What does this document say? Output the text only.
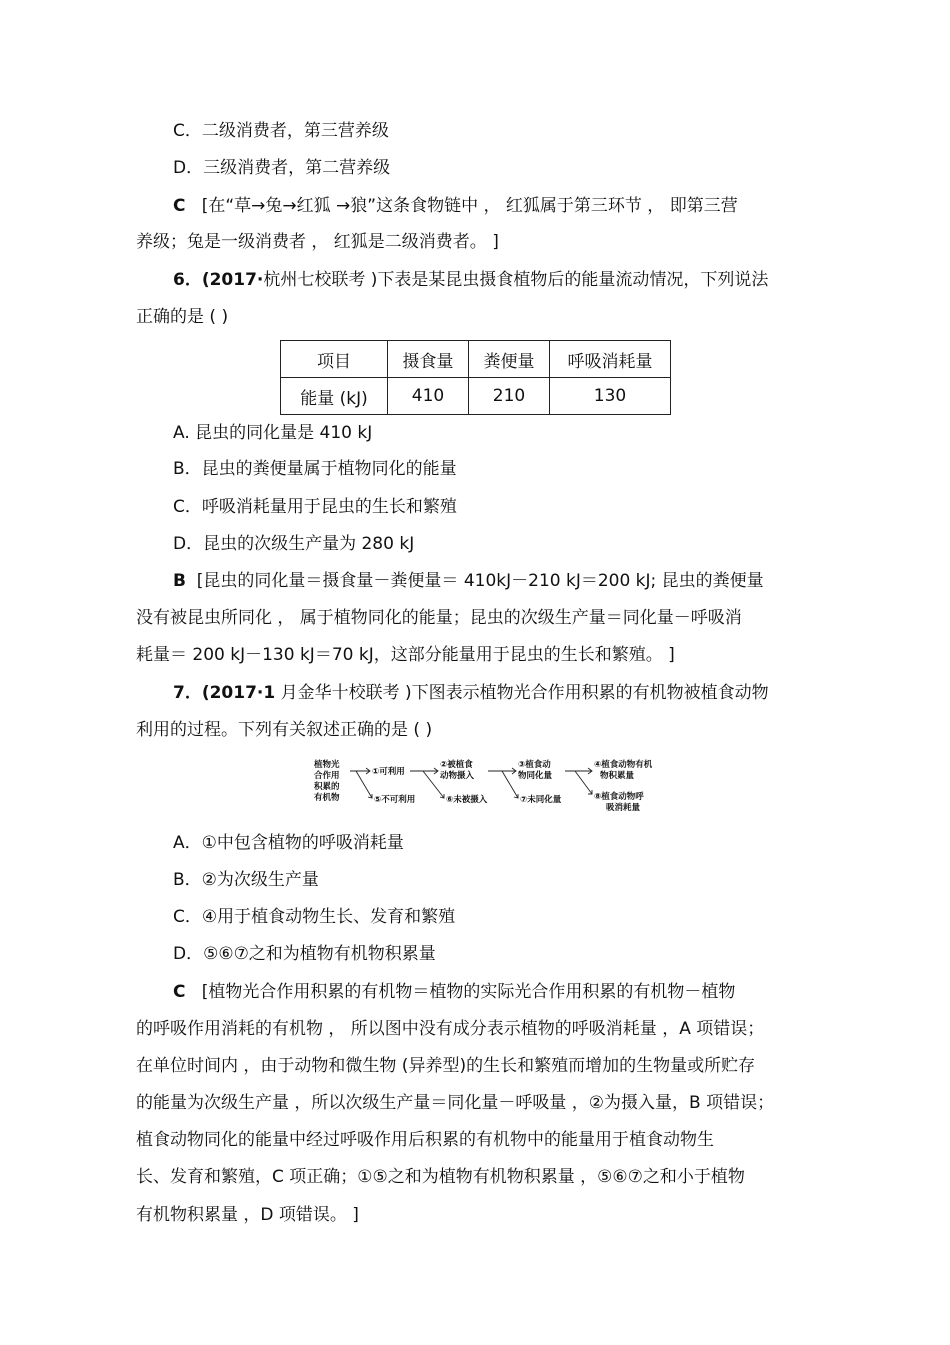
C．二级消费者，第三营养级
D．三级消费者，第二营养级
C [在“草→兔→红狐 →狼”这条食物链中 ， 红狐属于第三环节 ， 即第三营
养级；兔是一级消费者 ， 红狐是二级消费者。 ]
6．(2017·杭州七校联考 )下表是某昆虫摄食植物后的能量流动情况，下列说法
正确的是 ( )
项目	摄食量	粪便量	呼吸消耗量
能量 (kJ)	410	210	130
A. 昆虫的同化量是 410 kJ
B．昆虫的粪便量属于植物同化的能量
C．呼吸消耗量用于昆虫的生长和繁殖
D．昆虫的次级生产量为 280 kJ
B [昆虫的同化量＝摄食量－粪便量＝ 410kJ－210 kJ＝200 kJ; 昆虫的粪便量
没有被昆虫所同化 ， 属于植物同化的能量；昆虫的次级生产量＝同化量－呼吸消
耗量＝ 200 kJ－130 kJ＝70 kJ，这部分能量用于昆虫的生长和繁殖。 ]
7．(2017·1 月金华十校联考 )下图表示植物光合作用积累的有机物被植食动物
利用的过程。下列有关叙述正确的是 ( )
植物光
合作用
积累的
有机物
①可利用
②被植食
动物摄入
③植食动
物同化量
④植食动物有机
物积累量
⑤不可利用	⑥未被摄入	⑦未同化量	⑧植食动物呼
吸消耗量
A．①中包含植物的呼吸消耗量
B．②为次级生产量
C．④用于植食动物生长、发育和繁殖
D．⑤⑥⑦之和为植物有机物积累量
C [植物光合作用积累的有机物＝植物的实际光合作用积累的有机物－植物
的呼吸作用消耗的有机物 ， 所以图中没有成分表示植物的呼吸消耗量 ，A 项错误；
在单位时间内 ，由于动物和微生物 (异养型)的生长和繁殖而增加的生物量或所贮存
的能量为次级生产量 ，所以次级生产量＝同化量－呼吸量 ，②为摄入量，B 项错误；
植食动物同化的能量中经过呼吸作用后积累的有机物中的能量用于植食动物生
长、发育和繁殖，C 项正确；①⑤之和为植物有机物积累量 ，⑤⑥⑦之和小于植物
有机物积累量 ，D 项错误。 ]
